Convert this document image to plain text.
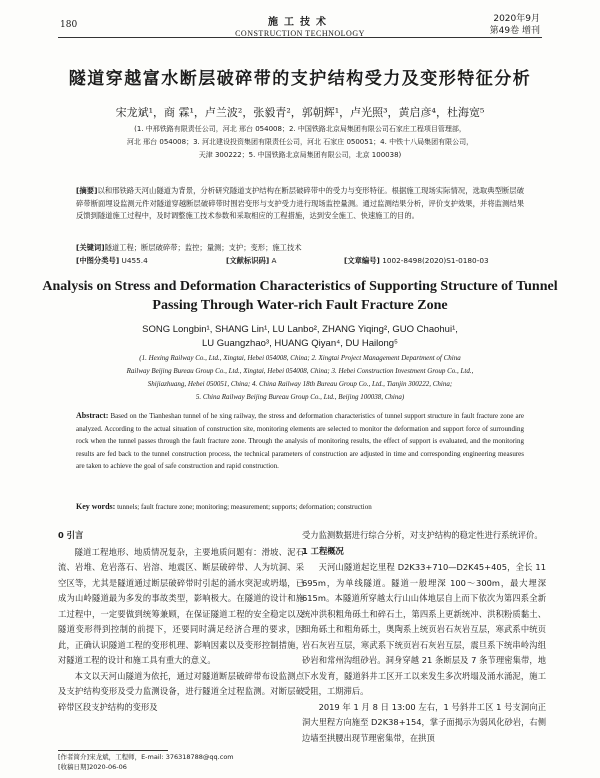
180	施工技术
CONSTRUCTION TECHNOLOGY
2020年9月
第49卷 增刊
隧道穿越富水断层破碎带的支护结构受力及变形特征分析
宋龙斌¹，商 霖¹，卢兰波²，张毅青²，郭朝辉¹，卢光照³，黄启彦⁴，杜海宽⁵
(1. 中邢铁路有限责任公司，河北 邢台 054008；2. 中国铁路北京局集团有限公司石家庄工程项目管理部，
河北 邢台 054008；3. 河北建设投资集团有限责任公司，河北 石家庄 050051；4. 中铁十八局集团有限公司，
天津 300222；5. 中国铁路北京局集团有限公司，北京 100038)
[摘要]以和邢铁路天河山隧道为背景，分析研究隧道支护结构在断层破碎带中的受力与变形特征。根据施工现场实际情况，选取典型断层破碎带断面埋设监测元件对隧道穿越断层破碎带时围岩变形与支护受力进行现场监控量测。通过监测结果分析，评价支护效果，并将监测结果反馈到隧道施工过程中，及时调整施工技术参数和采取相应的工程措施，达到安全施工、快速施工的目的。
[关键词]隧道工程；断层破碎带；监控；量测；支护；变形；施工技术
[中图分类号] U455.4	[文献标识码] A	[文章编号] 1002-8498(2020)S1-0180-03
Analysis on Stress and Deformation Characteristics of Supporting Structure of Tunnel Passing Through Water-rich Fault Fracture Zone
SONG Longbin¹, SHANG Lin¹, LU Lanbo², ZHANG Yiqing², GUO Chaohui¹,
LU Guangzhao³, HUANG Qiyan⁴, DU Hailong⁵
(1. Hexing Railway Co., Ltd., Xingtai, Hebei 054008, China; 2. Xingtai Project Management Department of China
Railway Beijing Bureau Group Co., Ltd., Xingtai, Hebei 054008, China; 3. Hebei Construction Investment Group Co., Ltd.,
Shijiazhuang, Hebei 050051, China; 4. China Railway 18th Bureau Group Co., Ltd., Tianjin 300222, China;
5. China Railway Beijing Bureau Group Co., Ltd., Beijing 100038, China)
Abstract: Based on the Tianheshan tunnel of he xing railway, the stress and deformation characteristics of tunnel support structure in fault fracture zone are analyzed. According to the actual situation of construction site, monitoring elements are selected to monitor the deformation and support force of surrounding rock when the tunnel passes through the fault fracture zone. Through the analysis of monitoring results, the effect of support is evaluated, and the monitoring results are fed back to the tunnel construction process, the technical parameters of construction are adjusted in time and corresponding engineering measures are taken to achieve the goal of safe construction and rapid construction.
Key words: tunnels; fault fracture zone; monitoring; measurement; supports; deformation; construction

0 引言

隧道工程地形、地质情况复杂，主要地质问题有：滑坡、泥石流、岩堆、危岩落石、岩溶、地震区、断层破碎带、人为坑洞、采空区等，尤其是隧道通过断层破碎带时引起的涌水突泥或坍塌，已成为山岭隧道最为多发的事故类型，影响极大。在隧道的设计和施工过程中，一定要做到统筹兼顾，在保证隧道工程的安全稳定以及隧道变形得到控制的前提下，还要同时满足经济合理的要求，因此，正确认识隧道工程的变形机理、影响因素以及变形控制措施，对隧道工程的设计和施工具有重大的意义。

本文以天河山隧道为依托，通过对隧道断层破碎带布设监测点及支护结构变形及受力监测设备，进行隧道全过程监测。对断层破碎带区段支护结构的变形及

受力监测数据进行综合分析，对支护结构的稳定性进行系统评价。

1 工程概况

天河山隧道起讫里程 D2K33+710—D2K45+405，全长 11 695m，为单线隧道。隧道一般埋深 100～300m，最大埋深 615m。本隧道所穿越太行山山体地层自上而下依次为第四系全新统冲洪积粗角砾土和碎石土，第四系上更新统冲、洪积粉质黏土、细角砾土和粗角砾土，奥陶系上统页岩石灰岩互层，寒武系中统页岩石灰岩互层，寒武系下统页岩石灰岩互层，震旦系下统串岭沟组砂岩和常州沟组砂岩。洞身穿越 21 条断层及 7 条节理密集带，地下水发育，隧道斜井工区开工以来发生多次坍塌及涌水涌泥，施工受阻，工期滞后。

2019 年 1 月 8 日 13:00 左右，1 号斜井工区 1 号支洞向正洞大里程方向施至 D2K38+154，掌子面揭示为弱风化砂岩，右侧边墙至拱腰出现节理密集带，在拱顶

[作者简介]宋龙斌，工程师，E-mail: 376318788@qq.com
[收稿日期]2020-06-06
